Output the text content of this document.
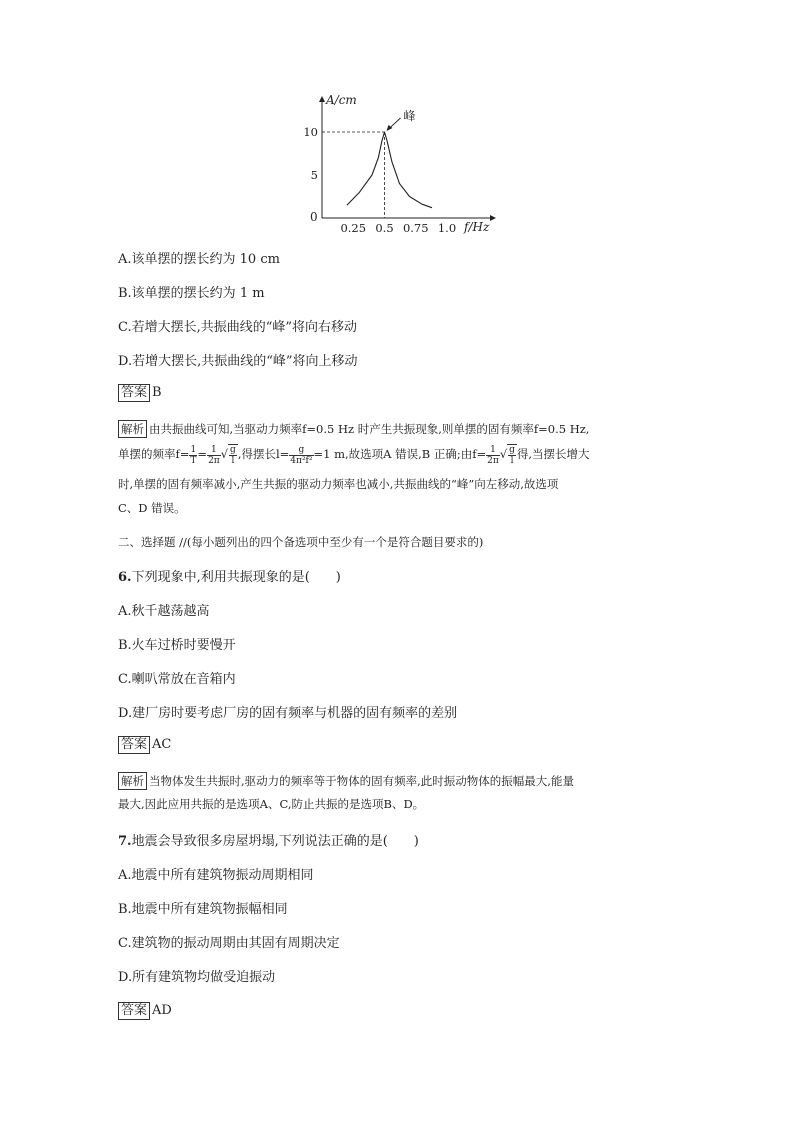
A/cm
f/Hz
0
0.25 0.5 0.75 1.0
10
5
峰
A.该单摆的摆长约为 10 cm
B.该单摆的摆长约为 1 m
C.若增大摆长,共振曲线的“峰”将向右移动
D.若增大摆长,共振曲线的“峰”将向上移动
答案 B
解析 由共振曲线可知,当驱动力频率f=0.5 Hz 时产生共振现象,则单摆的固有频率f=0.5 Hz,
单摆的频率$f= \frac{1}{T} = \frac{1}{2\pi}$ √ $\frac{g}{l}$ ,得摆长$l= \frac{g}{\text{4π²f²}} =1$ m,故选项A 错误,B 正确;由$f= \frac{1}{2\pi}$ √ $\frac{g}{l}$ 得,当摆长增大
时,单摆的固有频率减小,产生共振的驱动力频率也减小,共振曲线的“峰”向左移动,故选项
C、D 错误。
二、选择题 //(每小题列出的四个备选项中至少有一个是符合题目要求的)
6.下列现象中,利用共振现象的是(　　)
A.秋千越荡越高
B.火车过桥时要慢开
C.喇叭常放在音箱内
D.建厂房时要考虑厂房的固有频率与机器的固有频率的差别
答案 AC
解析 当物体发生共振时,驱动力的频率等于物体的固有频率,此时振动物体的振幅最大,能量
最大,因此应用共振的是选项A、C,防止共振的是选项B、D。
7.地震会导致很多房屋坍塌,下列说法正确的是(　　)
A.地震中所有建筑物振动周期相同
B.地震中所有建筑物振幅相同
C.建筑物的振动周期由其固有周期决定
D.所有建筑物均做受迫振动
答案 AD
